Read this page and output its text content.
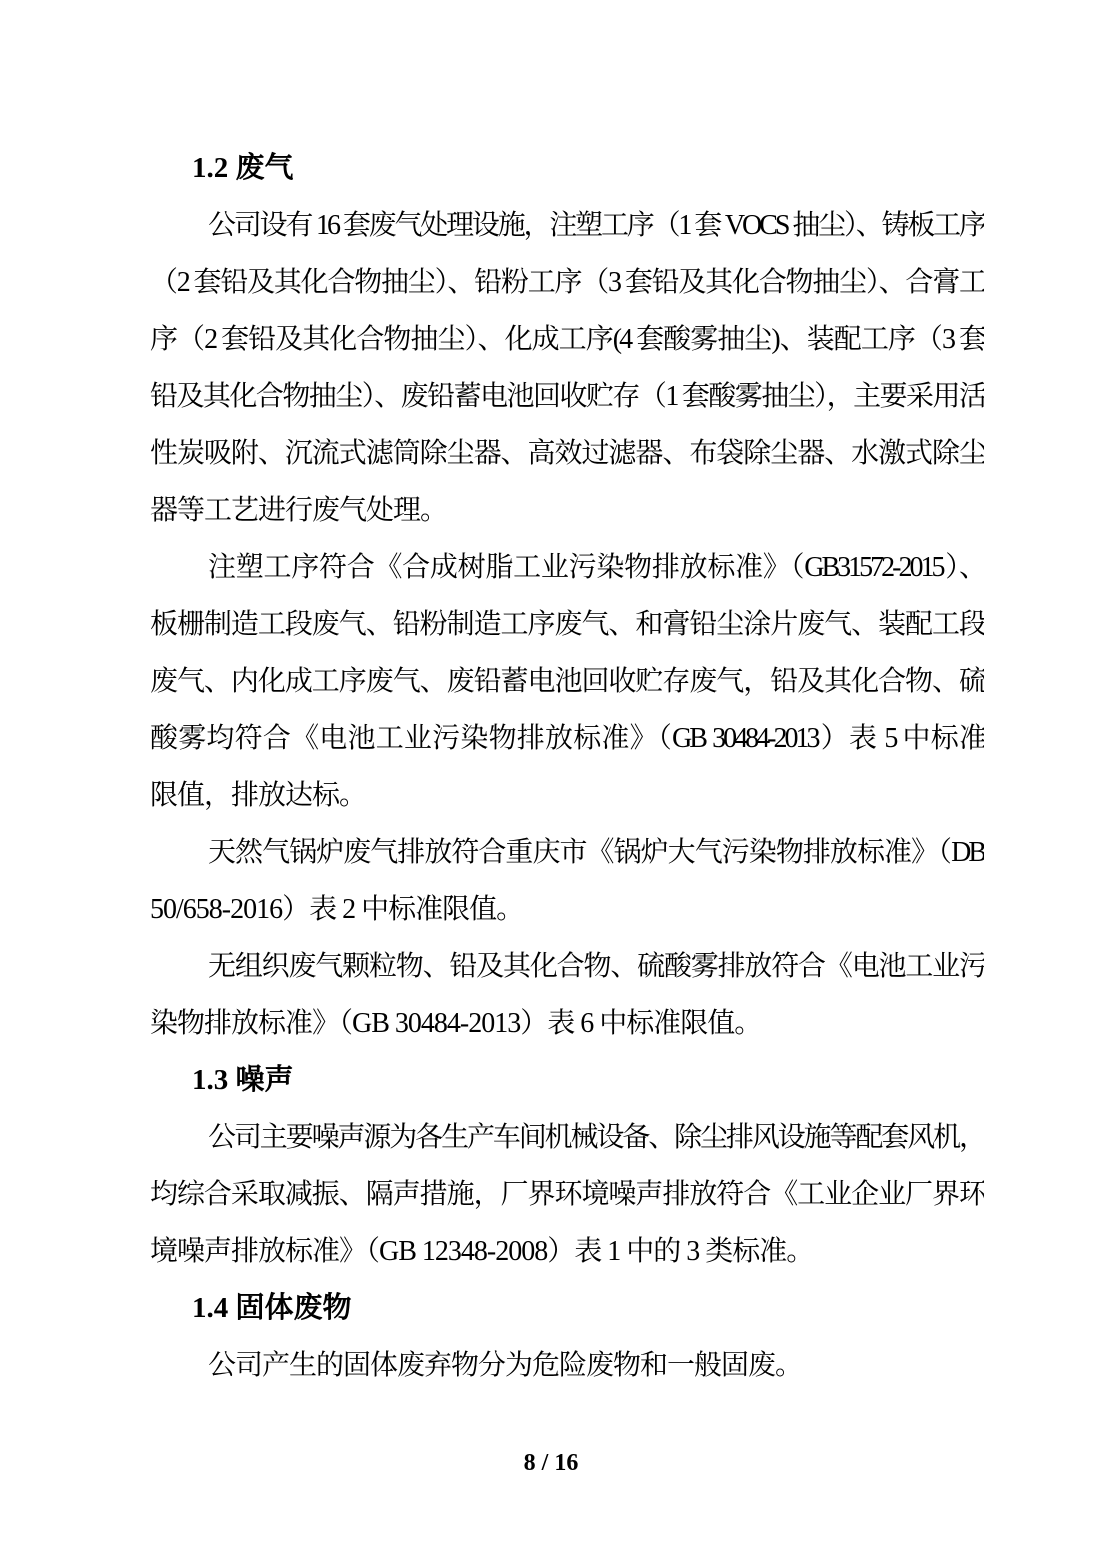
1.2 废气
公司设有 16 套废气处理设施，注塑工序（1 套 VOCS 抽尘）、铸板工序
（2 套铅及其化合物抽尘）、铅粉工序（3 套铅及其化合物抽尘）、合膏工
序（2 套铅及其化合物抽尘）、化成工序(4 套酸雾抽尘)、装配工序（3 套
铅及其化合物抽尘）、废铅蓄电池回收贮存（1 套酸雾抽尘），主要采用活
性炭吸附、沉流式滤筒除尘器、高效过滤器、布袋除尘器、水激式除尘
器等工艺进行废气处理。
注塑工序符合《合成树脂工业污染物排放标准》（GB31572-2015）、
板栅制造工段废气、铅粉制造工序废气、和膏铅尘涂片废气、装配工段
废气、内化成工序废气、废铅蓄电池回收贮存废气，铅及其化合物、硫
酸雾均符合《电池工业污染物排放标准》（GB 30484-2013）表 5 中标准
限值，排放达标。
天然气锅炉废气排放符合重庆市《锅炉大气污染物排放标准》（DB
50/658-2016）表 2 中标准限值。
无组织废气颗粒物、铅及其化合物、硫酸雾排放符合《电池工业污
染物排放标准》（GB 30484-2013）表 6 中标准限值。
1.3 噪声
公司主要噪声源为各生产车间机械设备、除尘排风设施等配套风机，
均综合采取减振、隔声措施，厂界环境噪声排放符合《工业企业厂界环
境噪声排放标准》（GB 12348-2008）表 1 中的 3 类标准。
1.4 固体废物
公司产生的固体废弃物分为危险废物和一般固废。
8 / 16
